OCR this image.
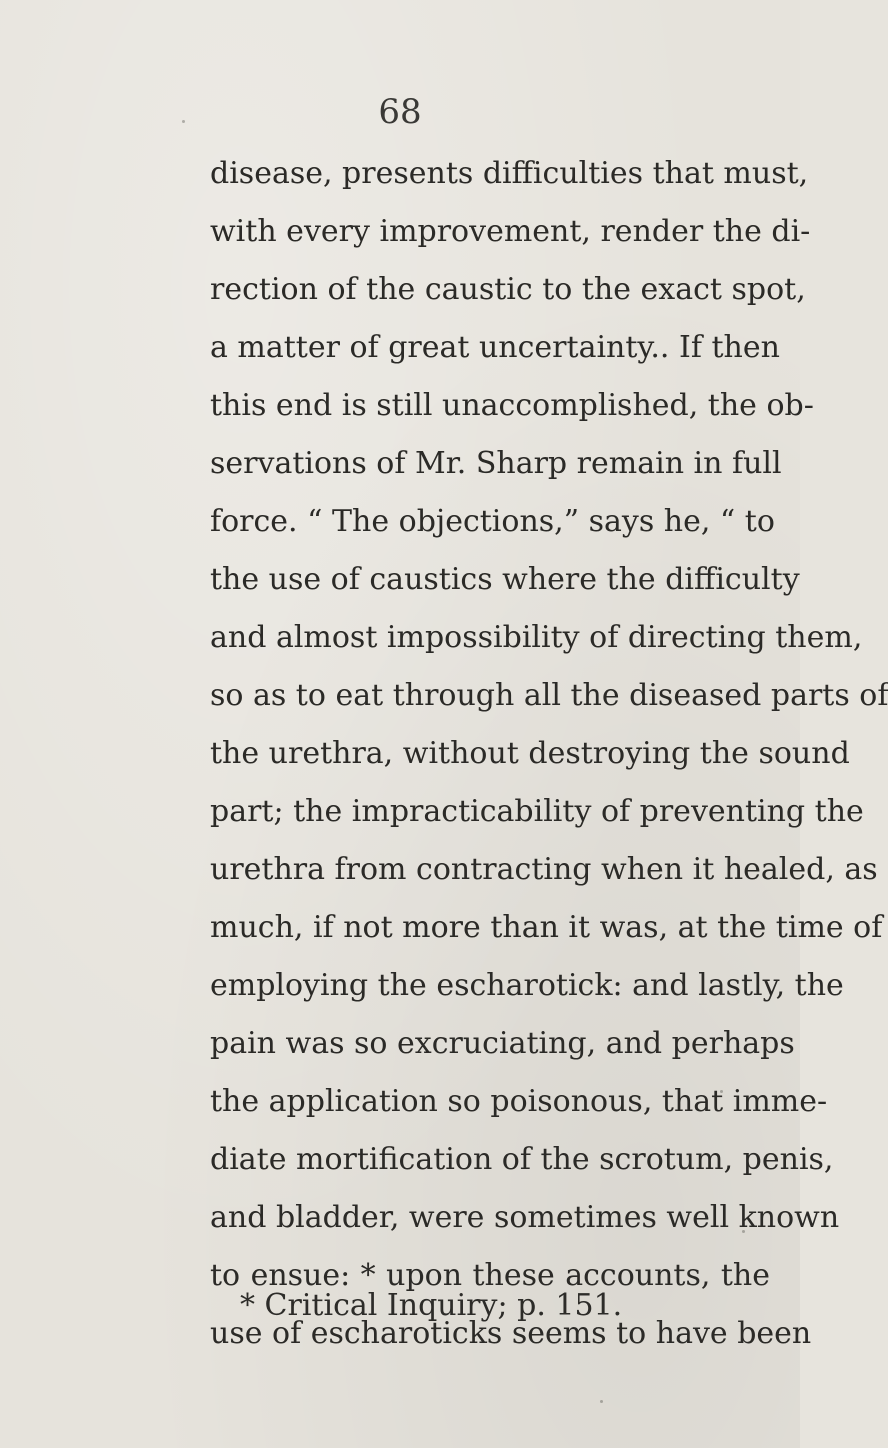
68
disease, presents difficulties that must,
with every improvement, render the di-
rection of the caustic to the exact spot,
a matter of great uncertainty.. If then
this end is still unaccomplished, the ob-
servations of Mr. Sharp remain in full
force. “ The objections,” says he, “ to
the use of caustics where the difficulty
and almost impossibility of directing them,
so as to eat through all the diseased parts of
the urethra, without destroying the sound
part; the impracticability of preventing the
urethra from contracting when it healed, as
much, if not more than it was, at the time of
employing the escharotick: and lastly, the
pain was so excruciating, and perhaps
the application so poisonous, that imme-
diate mortification of the scrotum, penis,
and bladder, were sometimes well known
to ensue: * upon these accounts, the
use of escharoticks seems to have been
* Critical Inquiry; p. 151.
